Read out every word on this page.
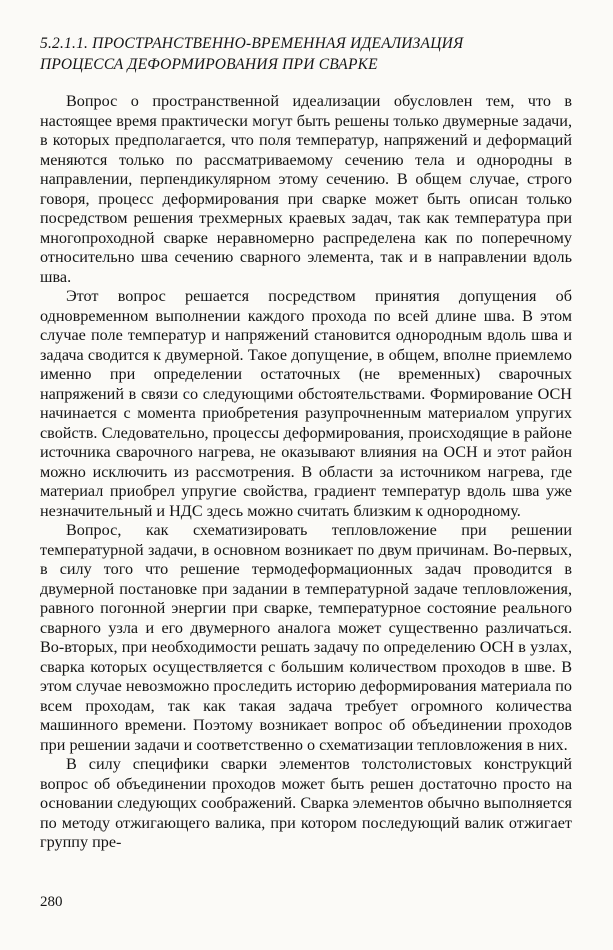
5.2.1.1. ПРОСТРАНСТВЕННО-ВРЕМЕННАЯ ИДЕАЛИЗАЦИЯ
ПРОЦЕССА ДЕФОРМИРОВАНИЯ ПРИ СВАРКЕ

Вопрос о пространственной идеализации обусловлен тем, что в настоящее время практически могут быть решены только двумерные задачи, в которых предполагается, что поля температур, напряжений и деформаций меняются только по рассматриваемому сечению тела и однородны в направлении, перпендикулярном этому сечению. В общем случае, строго говоря, процесс деформирования при сварке может быть описан только посредством решения трехмерных краевых задач, так как температура при многопроходной сварке неравномерно распределена как по поперечному относительно шва сечению сварного элемента, так и в направлении вдоль шва.

Этот вопрос решается посредством принятия допущения об одновременном выполнении каждого прохода по всей длине шва. В этом случае поле температур и напряжений становится однородным вдоль шва и задача сводится к двумерной. Такое допущение, в общем, вполне приемлемо именно при определении остаточных (не временных) сварочных напряжений в связи со следующими обстоятельствами. Формирование ОСН начинается с момента приобретения разупрочненным материалом упругих свойств. Следовательно, процессы деформирования, происходящие в районе источника сварочного нагрева, не оказывают влияния на ОСН и этот район можно исключить из рассмотрения. В области за источником нагрева, где материал приобрел упругие свойства, градиент температур вдоль шва уже незначительный и НДС здесь можно считать близким к однородному.

Вопрос, как схематизировать тепловложение при решении температурной задачи, в основном возникает по двум причинам. Во-первых, в силу того что решение термодеформационных задач проводится в двумерной постановке при задании в температурной задаче тепловложения, равного погонной энергии при сварке, температурное состояние реального сварного узла и его двумерного аналога может существенно различаться. Во-вторых, при необходимости решать задачу по определению ОСН в узлах, сварка которых осуществляется с большим количеством проходов в шве. В этом случае невозможно проследить историю деформирования материала по всем проходам, так как такая задача требует огромного количества машинного времени. Поэтому возникает вопрос об объединении проходов при решении задачи и соответственно о схематизации тепловложения в них.

В силу специфики сварки элементов толстолистовых конструкций вопрос об объединении проходов может быть решен достаточно просто на основании следующих соображений. Сварка элементов обычно выполняется по методу отжигающего валика, при котором последующий валик отжигает группу пре-

280
